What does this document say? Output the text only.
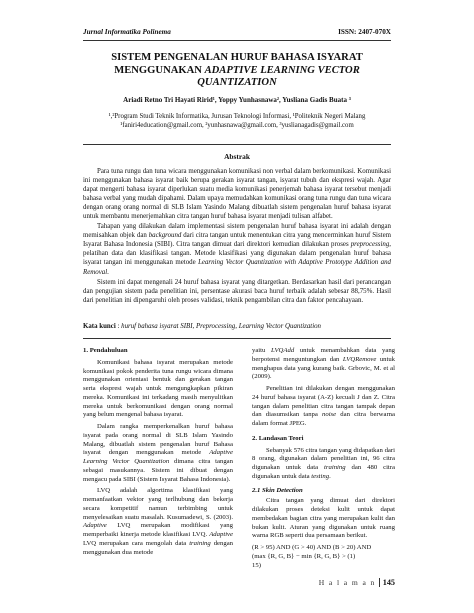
Jurnal Informatika Polinema	ISSN: 2407-070X
SISTEM PENGENALAN HURUF BAHASA ISYARAT
MENGGUNAKAN ADAPTIVE LEARNING VECTOR
QUANTIZATION
Ariadi Retno Tri Hayati Ririd¹, Yoppy Yunhasnawa², Yusliana Gadis Buata ³
¹,²Program Studi Teknik Informatika, Jurusan Teknologi Informasi, ¹Politeknik Negeri Malang
¹faniri4education@gmail.com, ²yunhasnawa@gmail.com, ³yuslianagadis@gmail.com
Abstrak

Para tuna rungu dan tuna wicara menggunakan komunikasi non verbal dalam berkomunikasi. Komunikasi ini menggunakan bahasa isyarat baik berupa gerakan isyarat tangan, isyarat tubuh dan ekspresi wajah. Agar dapat mengerti bahasa isyarat diperlukan suatu media komunikasi penerjemah bahasa isyarat tersebut menjadi bahasa verbal yang mudah dipahami. Dalam upaya memudahkan komunikasi orang tuna rungu dan tuna wicara dengan orang orang normal di SLB Islam Yasindo Malang dibuatlah sistem pengenalan huruf bahasa isyarat untuk membantu menerjemahkan citra tangan huruf bahasa isyarat menjadi tulisan alfabet.

Tahapan yang dilakukan dalam implementasi sistem pengenalan huruf bahasa isyarat ini adalah dengan memisahkan objek dan background dari citra tangan untuk menentukan citra yang mencerminkan huruf Sistem Isyarat Bahasa Indonesia (SIBI). Citra tangan dimuat dari direktori kemudian dilakukan proses preprocessing, pelatihan data dan klasifikasi tangan. Metode klasifikasi yang digunakan dalam pengenalan huruf bahasa isyarat tangan ini menggunakan metode Learning Vector Quantization with Adaptive Prototype Addition and Removal.

Sistem ini dapat mengenali 24 huruf bahasa isyarat yang ditargetkan. Berdasarkan hasil dari perancangan dan pengujian sistem pada penelitian ini, persentase akurasi baca huruf terbaik adalah sebesar 88,75%. Hasil dari penelitian ini dipengaruhi oleh proses validasi, teknik pengambilan citra dan faktor pencahayaan.

Kata kunci : huruf bahasa isyarat SIBI, Preprocessing, Learning Vector Quantization
1. Pendahuluan

Komunikasi bahasa isyarat merupakan metode komunikasi pokok penderita tuna rungu wicara dimana menggunakan orientasi bentuk dan gerakan tangan serta ekspresi wajah untuk mengungkapkan pikiran mereka. Komunikasi ini terkadang masih menyulitkan mereka untuk berkomunikasi dengan orang normal yang belum mengenal bahasa isyarat.

Dalam rangka memperkenalkan huruf bahasa isyarat pada orang normal di SLB Islam Yasindo Malang, dibuatlah sistem pengenalan huruf Bahasa isyarat dengan menggunakan metode Adaptive Learning Vector Quantization dimana citra tangan sebagai masukannya. Sistem ini dibuat dengan mengacu pada SIBI (Sistem Isyarat Bahasa Indonesia).

LVQ adalah algortima klasifikasi yang memanfaatkan vektor yang terlhubung dan bekerja secara kompetitif namun terbimbing untuk menyelesaikan suatu masalah. Kusumadewi, S. (2003). Adaptive LVQ merupakan modifikasi yang memperbaiki kinerja metode klasifikasi LVQ. Adaptive LVQ merupakan cara mengolah data training dengan menggunakan dua metode

yaitu LVQAdd untuk menambahkan data yang berpotensi menguntungkan dan LVQRemove untuk menghapus data yang kurang baik. Grbovic, M. et al (2009).

Penelitian ini dilakukan dengan menggunakan 24 huruf bahasa isyarat (A-Z) kecuali J dan Z. Citra tangan dalam penelitian citra tangan tampak depan dan diasumsikan tanpa noise dan citra berwarna dalam format JPEG.

2. Landasan Teori

Sebanyak 576 citra tangan yang didapatkan dari 8 orang, digunakan dalam penelitian ini, 96 citra digunakan untuk data training dan 480 citra digunakan untuk data testing.

2.1 Skin Detection

Citra tangan yang dimuat dari direktori dilakukan proses deteksi kulit untuk dapat membedakan bagian citra yang merupakan kulit dan bukan kulit. Aturan yang digunakan untuk ruang warna RGB seperti dua persamaan berikut.

(R > 95) AND (G > 40) AND (B > 20) AND
(max {R, G, B} − min {R, G, B} > (1)
15)
H a l a m a n 145
